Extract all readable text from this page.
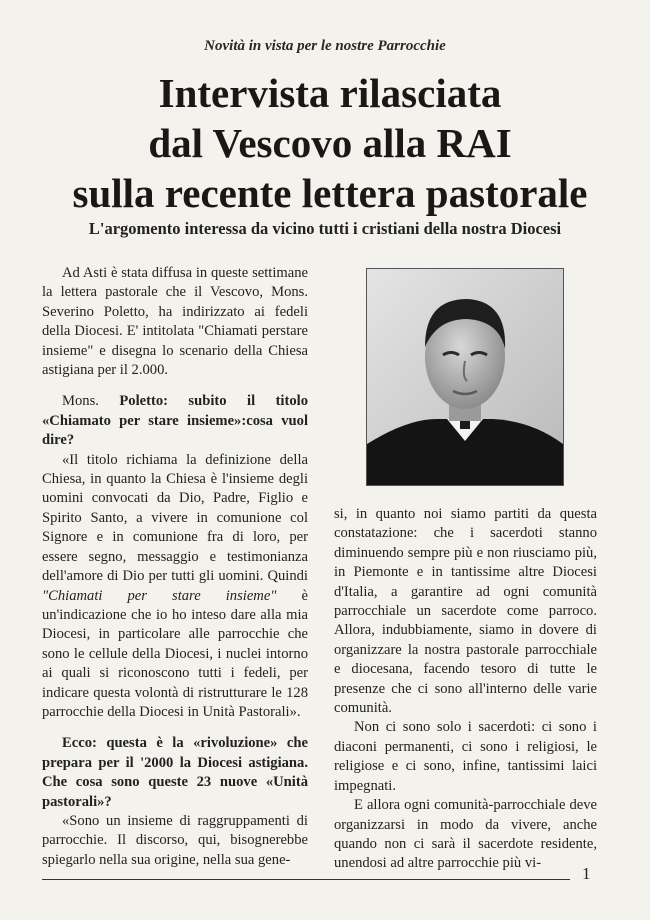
Novità in vista per le nostre Parrocchie
Intervista rilasciata
dal Vescovo alla RAI
sulla recente lettera pastorale
L'argomento interessa da vicino tutti i cristiani della nostra Diocesi

Ad Asti è stata diffusa in queste settimane la lettera pastorale che il Vescovo, Mons. Severino Poletto, ha indirizzato ai fedeli della Diocesi. E' intitolata "Chiamati perstare insieme" e disegna lo scenario della Chiesa astigiana per il 2.000.

Mons. Poletto: subito il titolo «Chiamato per stare insieme»:cosa vuol dire?

«Il titolo richiama la definizione della Chiesa, in quanto la Chiesa è l'insieme degli uomini convocati da Dio, Padre, Figlio e Spirito Santo, a vivere in comunione col Signore e in comunione fra di loro, per essere segno, messaggio e testimonianza dell'amore di Dio per tutti gli uomini. Quindi "Chiamati per stare insieme" è un'indicazione che io ho inteso dare alla mia Diocesi, in particolare alle parrocchie che sono le cellule della Diocesi, i nuclei intorno ai quali si riconoscono tutti i fedeli, per indicare questa volontà di ristrutturare le 128 parrocchie della Diocesi in Unità Pastorali».

Ecco: questa è la «rivoluzione» che prepara per il '2000 la Diocesi astigiana. Che cosa sono queste 23 nuove «Unità pastorali»?

«Sono un insieme di raggruppamenti di parrocchie. Il discorso, qui, bisognerebbe spiegarlo nella sua origine, nella sua gene-

si, in quanto noi siamo partiti da questa constatazione: che i sacerdoti stanno diminuendo sempre più e non riusciamo più, in Piemonte e in tantissime altre Diocesi d'Italia, a garantire ad ogni comunità parrocchiale un sacerdote come parroco. Allora, indubbiamente, siamo in dovere di organizzare la nostra pastorale parrocchiale e diocesana, facendo tesoro di tutte le presenze che ci sono all'interno delle varie comunità.

Non ci sono solo i sacerdoti: ci sono i diaconi permanenti, ci sono i religiosi, le religiose e ci sono, infine, tantissimi laici impegnati.

E allora ogni comunità-parrocchiale deve organizzarsi in modo da vivere, anche quando non ci sarà il sacerdote residente, unendosi ad altre parrocchie più vi-

1
